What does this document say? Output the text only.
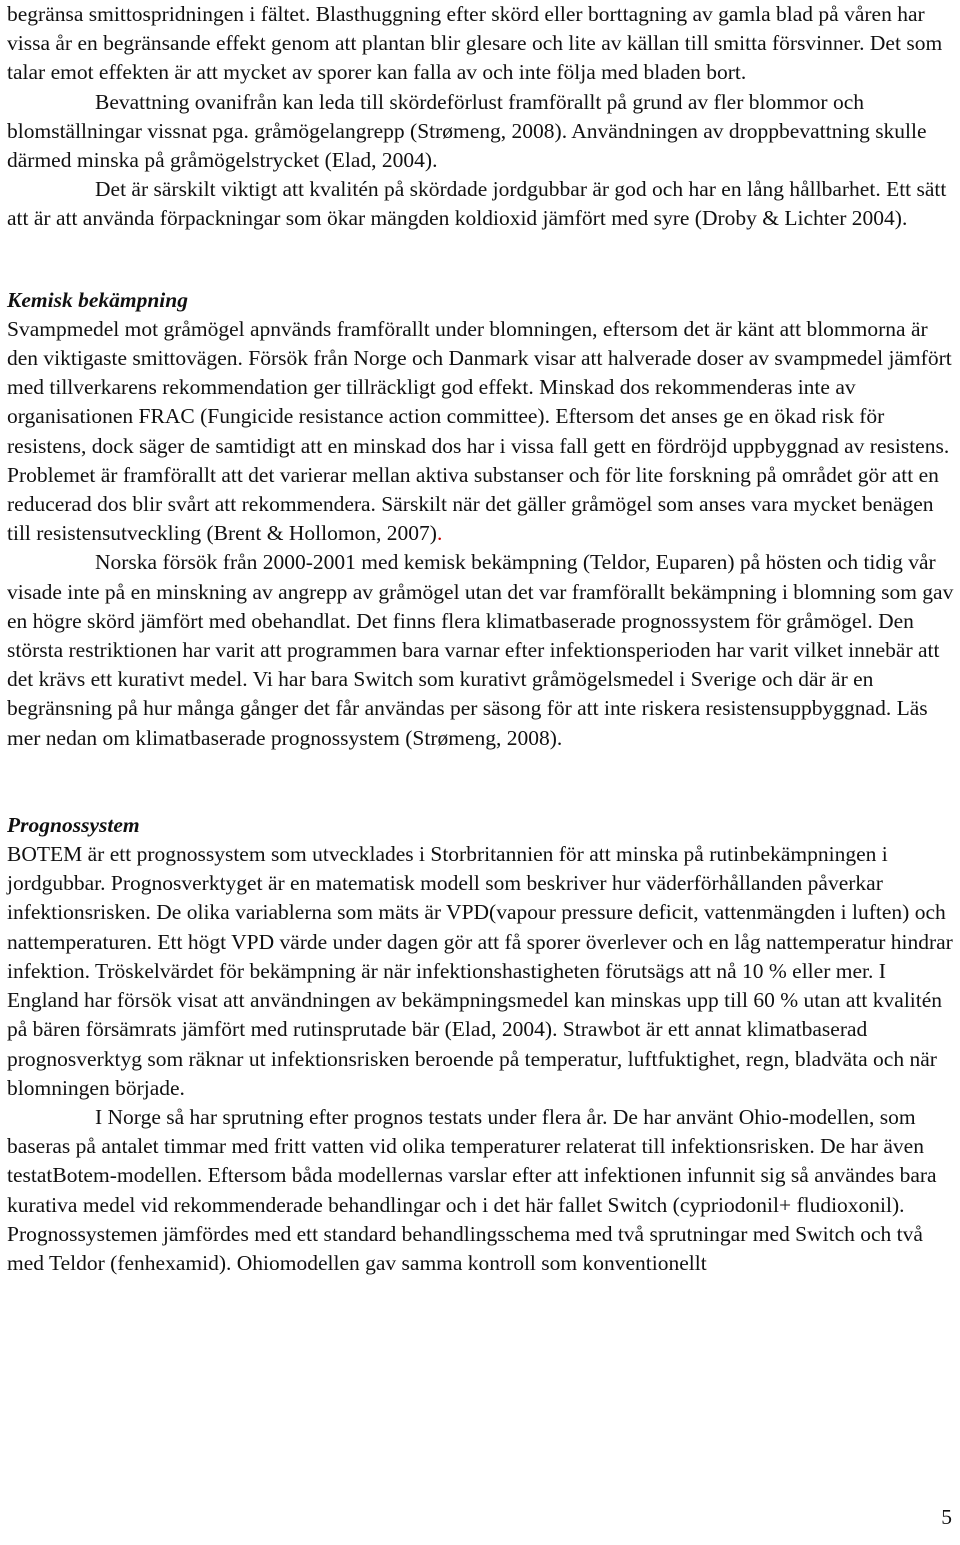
begränsa smittospridningen i fältet. Blasthuggning efter skörd eller borttagning av gamla blad på våren har vissa år en begränsande effekt genom att plantan blir glesare och lite av källan till smitta försvinner. Det som talar emot effekten är att mycket av sporer kan falla av och inte följa med bladen bort.

Bevattning ovanifrån kan leda till skördeförlust framförallt på grund av fler blommor och blomställningar vissnat pga. gråmögelangrepp (Strømeng, 2008). Användningen av droppbevattning skulle därmed minska på gråmögelstrycket (Elad, 2004).

Det är särskilt viktigt att kvalitén på skördade jordgubbar är god och har en lång hållbarhet. Ett sätt att är att använda förpackningar som ökar mängden koldioxid jämfört med syre (Droby & Lichter 2004).

Kemisk bekämpning

Svampmedel mot gråmögel apnvänds framförallt under blomningen, eftersom det är känt att blommorna är den viktigaste smittovägen. Försök från Norge och Danmark visar att halverade doser av svampmedel jämfört med tillverkarens rekommendation ger tillräckligt god effekt. Minskad dos rekommenderas inte av organisationen FRAC (Fungicide resistance action committee). Eftersom det anses ge en ökad risk för resistens, dock säger de samtidigt att en minskad dos har i vissa fall gett en fördröjd uppbyggnad av resistens. Problemet är framförallt att det varierar mellan aktiva substanser och för lite forskning på området gör att en reducerad dos blir svårt att rekommendera. Särskilt när det gäller gråmögel som anses vara mycket benägen till resistensutveckling (Brent & Hollomon, 2007).

Norska försök från 2000-2001 med kemisk bekämpning (Teldor, Euparen) på hösten och tidig vår visade inte på en minskning av angrepp av gråmögel utan det var framförallt bekämpning i blomning som gav en högre skörd jämfört med obehandlat. Det finns flera klimatbaserade prognossystem för gråmögel. Den största restriktionen har varit att programmen bara varnar efter infektionsperioden har varit vilket innebär att det krävs ett kurativt medel. Vi har bara Switch som kurativt gråmögelsmedel i Sverige och där är en begränsning på hur många gånger det får användas per säsong för att inte riskera resistensuppbyggnad. Läs mer nedan om klimatbaserade prognossystem (Strømeng, 2008).

Prognossystem

BOTEM är ett prognossystem som utvecklades i Storbritannien för att minska på rutinbekämpningen i jordgubbar. Prognosverktyget är en matematisk modell som beskriver hur väderförhållanden påverkar infektionsrisken. De olika variablerna som mäts är VPD(vapour pressure deficit, vattenmängden i luften) och nattemperaturen. Ett högt VPD värde under dagen gör att få sporer överlever och en låg nattemperatur hindrar infektion. Tröskelvärdet för bekämpning är när infektionshastigheten förutsägs att nå 10 % eller mer. I England har försök visat att användningen av bekämpningsmedel kan minskas upp till 60 % utan att kvalitén på bären försämrats jämfört med rutinsprutade bär (Elad, 2004). Strawbot är ett annat klimatbaserad prognosverktyg som räknar ut infektionsrisken beroende på temperatur, luftfuktighet, regn, bladväta och när blomningen började.

I Norge så har sprutning efter prognos testats under flera år. De har använt Ohio-modellen, som baseras på antalet timmar med fritt vatten vid olika temperaturer relaterat till infektionsrisken. De har även testatBotem-modellen. Eftersom båda modellernas varslar efter att infektionen infunnit sig så användes bara kurativa medel vid rekommenderade behandlingar och i det här fallet Switch (cypriodonil+ fludioxonil). Prognossystemen jämfördes med ett standard behandlingsschema med två sprutningar med Switch och två med Teldor (fenhexamid). Ohiomodellen gav samma kontroll som konventionellt

5
